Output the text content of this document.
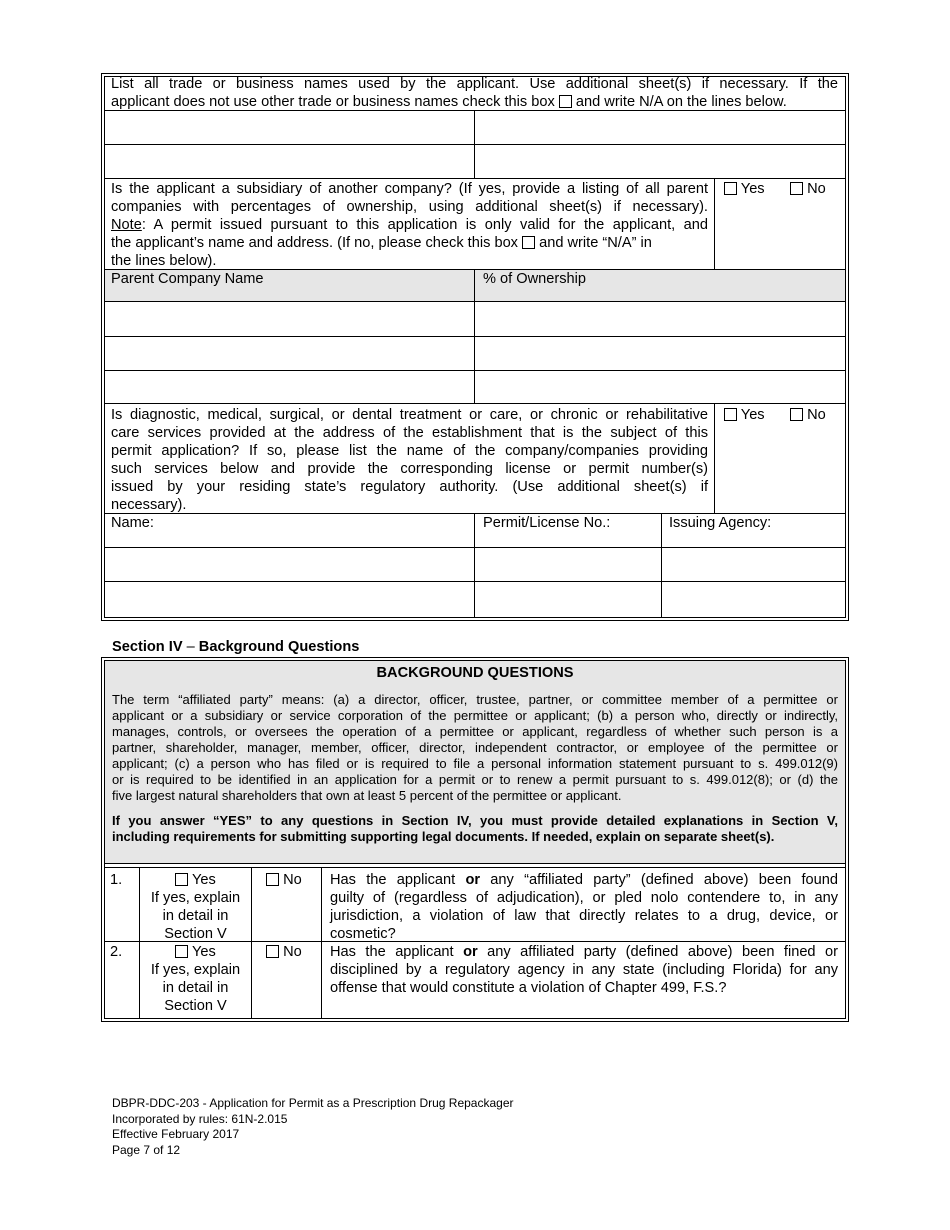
List all trade or business names used by the applicant. Use additional sheet(s) if necessary. If the
applicant does not use other trade or business names check this box and write N/A on the lines below.
Is the applicant a subsidiary of another company? (If yes, provide a listing of all parent
companies with percentages of ownership, using additional sheet(s) if necessary).
Note: A permit issued pursuant to this application is only valid for the applicant, and
the applicant’s name and address. (If no, please check this box and write “N/A” in
the lines below).
Yes	No
Parent Company Name	% of Ownership
Is diagnostic, medical, surgical, or dental treatment or care, or chronic or rehabilitative
care services provided at the address of the establishment that is the subject of this
permit application? If so, please list the name of the company/companies providing
such services below and provide the corresponding license or permit number(s)
issued by your residing state’s regulatory authority. (Use additional sheet(s) if
necessary).
Yes	No
Name:	Permit/License No.:	Issuing Agency:
Section IV – Background Questions
BACKGROUND QUESTIONS
The term “affiliated party” means: (a) a director, officer, trustee, partner, or committee member of a permittee or
applicant or a subsidiary or service corporation of the permittee or applicant; (b) a person who, directly or indirectly,
manages, controls, or oversees the operation of a permittee or applicant, regardless of whether such person is a
partner, shareholder, manager, member, officer, director, independent contractor, or employee of the permittee or
applicant; (c) a person who has filed or is required to file a personal information statement pursuant to s. 499.012(9)
or is required to be identified in an application for a permit or to renew a permit pursuant to s. 499.012(8); or (d) the
five largest natural shareholders that own at least 5 percent of the permittee or applicant.
If you answer “YES” to any questions in Section IV, you must provide detailed explanations in Section V,
including requirements for submitting supporting legal documents. If needed, explain on separate sheet(s).
1.	Yes
If yes, explain
in detail in
Section V
No Has the applicant or any “affiliated party” (defined above) been found
guilty of (regardless of adjudication), or pled nolo contendere to, in any
jurisdiction, a violation of law that directly relates to a drug, device, or
cosmetic?
2.	Yes
If yes, explain
in detail in
Section V
No Has the applicant or any affiliated party (defined above) been fined or
disciplined by a regulatory agency in any state (including Florida) for any
offense that would constitute a violation of Chapter 499, F.S.?
DBPR-DDC-203 - Application for Permit as a Prescription Drug Repackager
Incorporated by rules: 61N-2.015
Effective February 2017
Page 7 of 12
